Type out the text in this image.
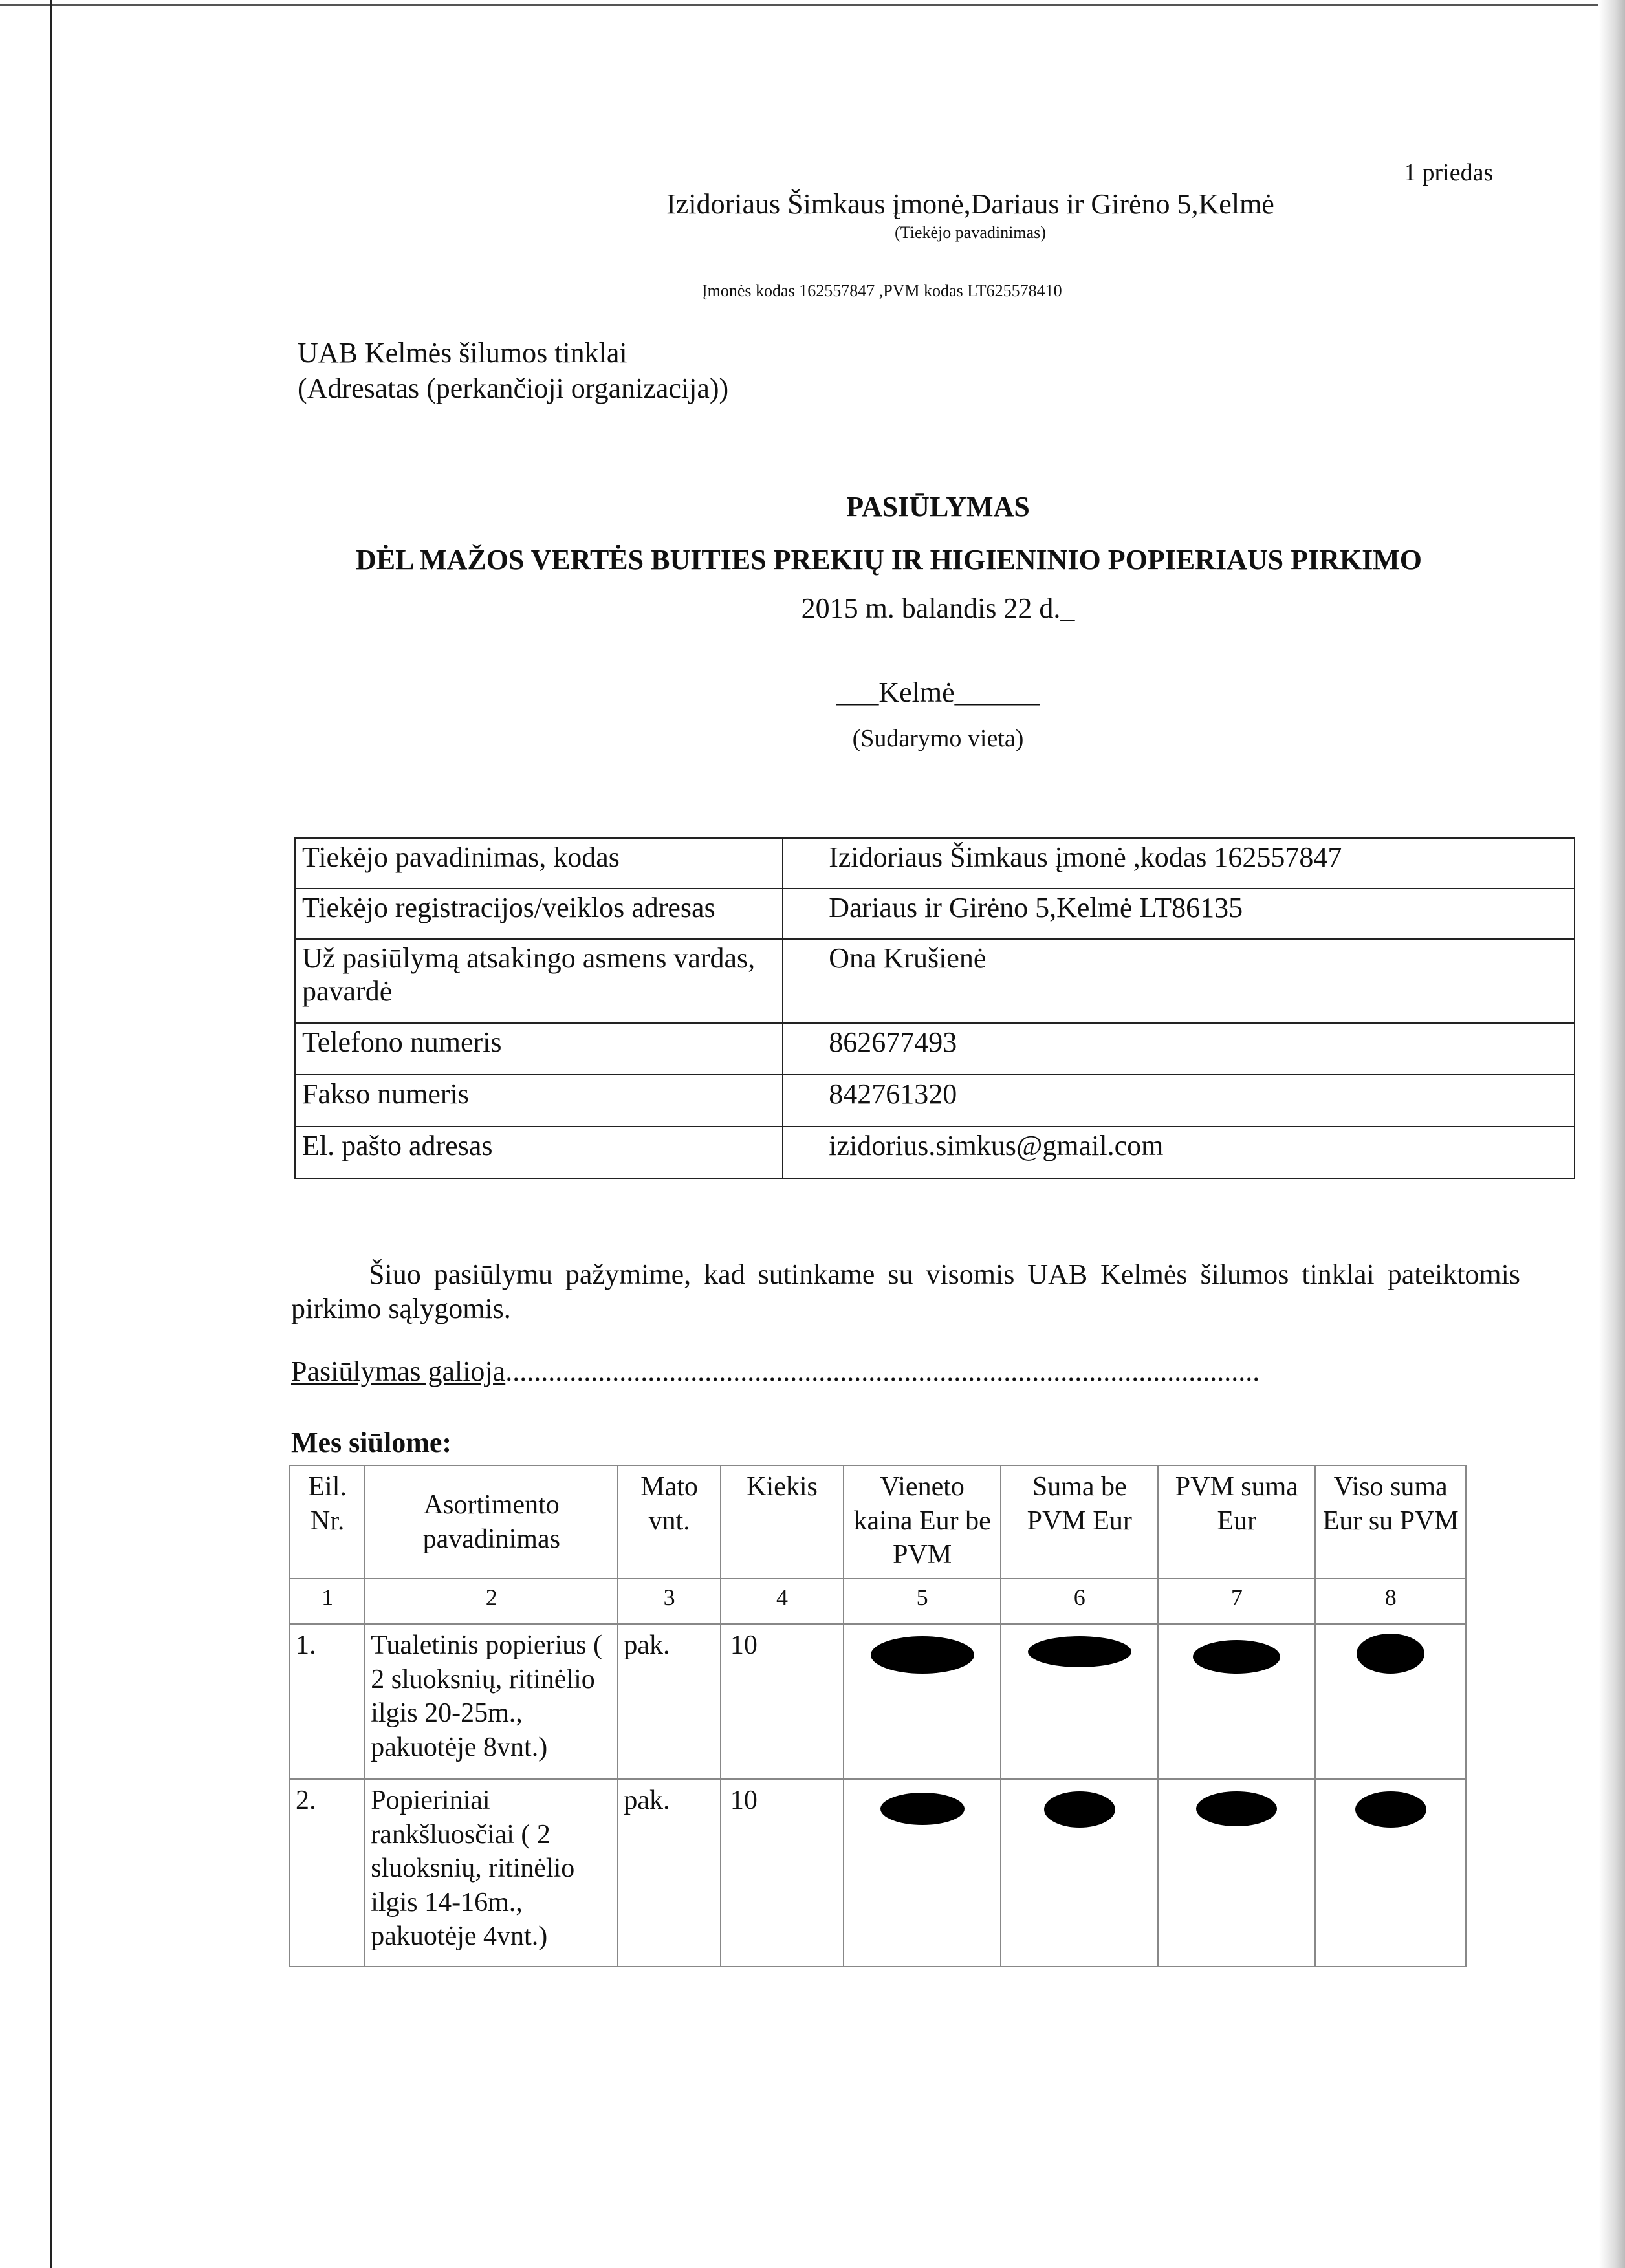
1 priedas
Izidoriaus Šimkaus įmonė,Dariaus ir Girėno 5,Kelmė
(Tiekėjo pavadinimas)
Įmonės kodas 162557847 ,PVM kodas LT625578410
UAB Kelmės šilumos tinklai
(Adresatas (perkančioji organizacija))
PASIŪLYMAS
DĖL MAŽOS VERTĖS BUITIES PREKIŲ IR HIGIENINIO POPIERIAUS PIRKIMO
2015 m. balandis 22 d._
___Kelmė______
(Sudarymo vieta)
Tiekėjo pavadinimas, kodas	Izidoriaus Šimkaus įmonė ,kodas 162557847
Tiekėjo registracijos/veiklos adresas	Dariaus ir Girėno 5,Kelmė LT86135
Už pasiūlymą atsakingo asmens vardas, pavardė	Ona Krušienė
Telefono numeris	862677493
Fakso numeris	842761320
El. pašto adresas	izidorius.simkus@gmail.com
Šiuo pasiūlymu pažymime, kad sutinkame su visomis UAB Kelmės šilumos tinklai pateiktomis pirkimo sąlygomis.
Pasiūlymas galioja..........................................................................................................
Mes siūlome:
Eil. Nr.	Asortimento pavadinimas	Mato vnt.	Kiekis	Vieneto kaina Eur be PVM	Suma be PVM Eur	PVM suma Eur	Viso suma Eur su PVM
1	2	3	4	5	6	7	8
1.	Tualetinis popierius ( 2 sluoksnių, ritinėlio ilgis 20-25m., pakuotėje 8vnt.)	pak.	10				
2.	Popieriniai rankšluosčiai ( 2 sluoksnių, ritinėlio ilgis 14-16m., pakuotėje 4vnt.)	pak.	10				
